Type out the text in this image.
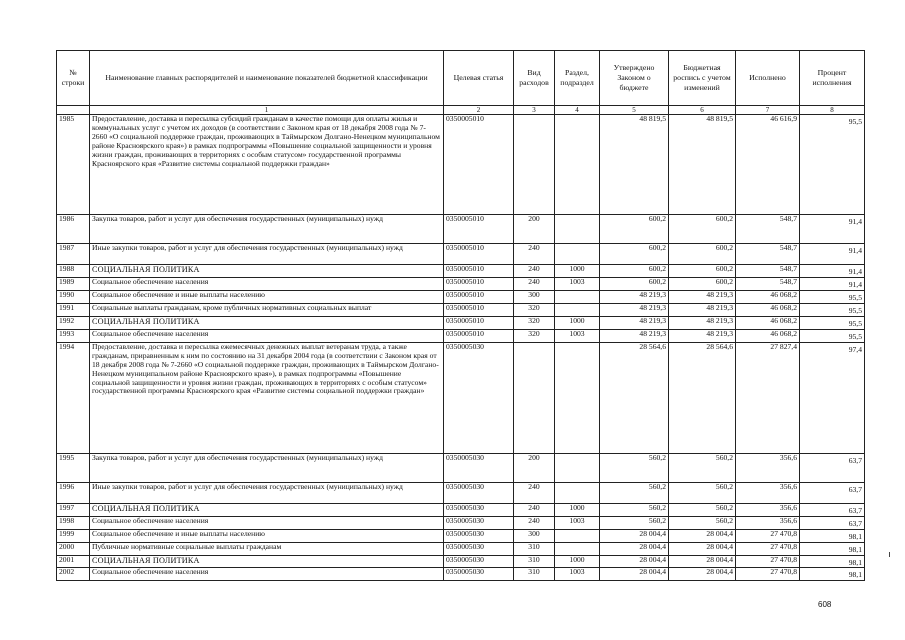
№ строки	Наименование главных распорядителей и наименование показателей бюджетной классификации	Целевая статья	Вид расходов	Раздел, подраздел	Утверждено Законом о бюджете	Бюджетная роспись с учетом изменений	Исполнено	Процент исполнения
	1	2	3	4	5	6	7	8
1985	Предоставление, доставка и пересылка субсидий гражданам в качестве помощи для оплаты жилья и коммунальных услуг с учетом их доходов (в соответствии с Законом края от 18 декабря 2008 года № 7-2660 «О социальной поддержке граждан, проживающих в Таймырском Долгано-Ненецком муниципальном районе Красноярского края») в рамках подпрограммы «Повышение социальной защищенности и уровня жизни граждан, проживающих в территориях с особым статусом» государственной программы Красноярского края «Развитие системы социальной поддержки граждан»	0350005010			48 819,5	48 819,5	46 616,9	95,5
1986	Закупка товаров, работ и услуг для обеспечения государственных (муниципальных) нужд	0350005010	200		600,2	600,2	548,7	91,4
1987	Иные закупки товаров, работ и услуг для обеспечения государственных (муниципальных) нужд	0350005010	240		600,2	600,2	548,7	91,4
1988	СОЦИАЛЬНАЯ ПОЛИТИКА	0350005010	240	1000	600,2	600,2	548,7	91,4
1989	Социальное обеспечение населения	0350005010	240	1003	600,2	600,2	548,7	91,4
1990	Социальное обеспечение и иные выплаты населению	0350005010	300		48 219,3	48 219,3	46 068,2	95,5
1991	Социальные выплаты гражданам, кроме публичных нормативных социальных выплат	0350005010	320		48 219,3	48 219,3	46 068,2	95,5
1992	СОЦИАЛЬНАЯ ПОЛИТИКА	0350005010	320	1000	48 219,3	48 219,3	46 068,2	95,5
1993	Социальное обеспечение населения	0350005010	320	1003	48 219,3	48 219,3	46 068,2	95,5
1994	Предоставление, доставка и пересылка ежемесячных денежных выплат ветеранам труда, а также гражданам, приравненным к ним по состоянию на 31 декабря 2004 года (в соответствии с Законом края от 18 декабря 2008 года № 7-2660 «О социальной поддержке граждан, проживающих в Таймырском Долгано-Ненецком муниципальном районе Красноярского края»), в рамках подпрограммы «Повышение социальной защищенности и уровня жизни граждан, проживающих в территориях с особым статусом» государственной программы Красноярского края «Развитие системы социальной поддержки граждан»	0350005030			28 564,6	28 564,6	27 827,4	97,4
1995	Закупка товаров, работ и услуг для обеспечения государственных (муниципальных) нужд	0350005030	200		560,2	560,2	356,6	63,7
1996	Иные закупки товаров, работ и услуг для обеспечения государственных (муниципальных) нужд	0350005030	240		560,2	560,2	356,6	63,7
1997	СОЦИАЛЬНАЯ ПОЛИТИКА	0350005030	240	1000	560,2	560,2	356,6	63,7
1998	Социальное обеспечение населения	0350005030	240	1003	560,2	560,2	356,6	63,7
1999	Социальное обеспечение и иные выплаты населению	0350005030	300		28 004,4	28 004,4	27 470,8	98,1
2000	Публичные нормативные социальные выплаты гражданам	0350005030	310		28 004,4	28 004,4	27 470,8	98,1
2001	СОЦИАЛЬНАЯ ПОЛИТИКА	0350005030	310	1000	28 004,4	28 004,4	27 470,8	98,1
2002	Социальное обеспечение населения	0350005030	310	1003	28 004,4	28 004,4	27 470,8	98,1
608
